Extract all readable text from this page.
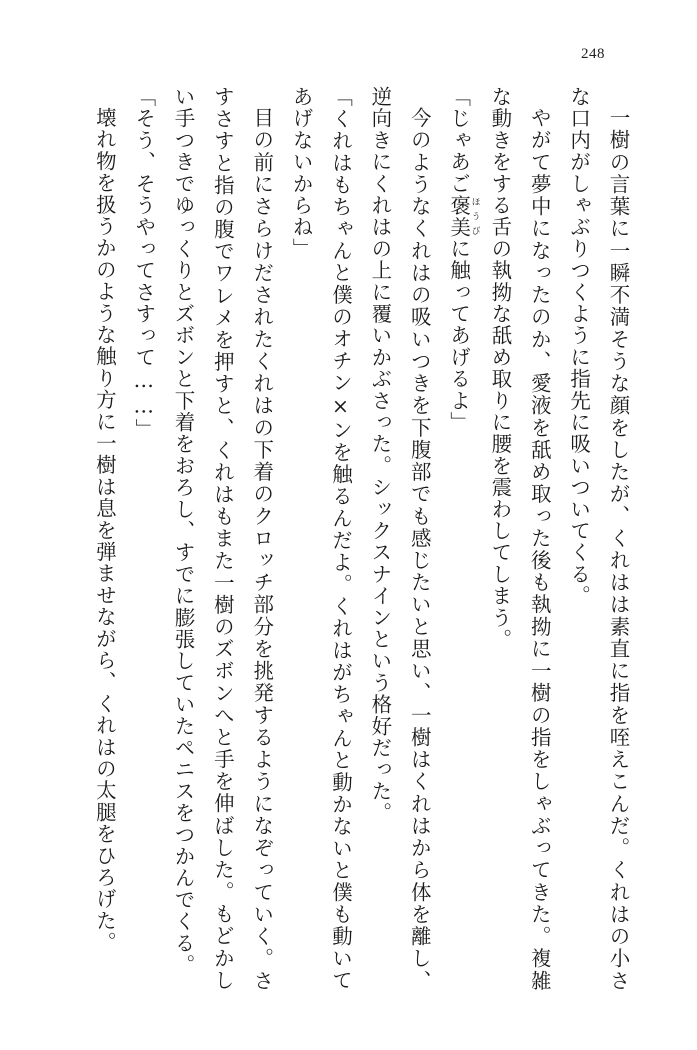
248

一樹の言葉に一瞬不満そうな顔をしたが、くれはは素直に指を咥えこんだ。くれはの小さな口内がしゃぶりつくように指先に吸いついてくる。

やがて夢中になったのか、愛液を舐め取った後も執拗に一樹の指をしゃぶってきた。複雑な動きをする舌の執拗な舐め取りに腰を震わしてしまう。

「じゃあご褒美 ほうびに触ってあげるよ」

今のようなくれはの吸いつきを下腹部でも感じたいと思い、一樹はくれはから体を離し、逆向きにくれはの上に覆いかぶさった。シックスナインという格好だった。

「くれはもちゃんと僕のオチン×ンを触るんだよ。くれはがちゃんと動かないと僕も動いてあげないからね」

目の前にさらけだされたくれはの下着のクロッチ部分を挑発するようになぞっていく。さすさすと指の腹でワレメを押すと、くれはもまた一樹のズボンへと手を伸ばした。もどかしい手つきでゆっくりとズボンと下着をおろし、すでに膨張していたペニスをつかんでくる。

「そう、そうやってさすって……」

壊れ物を扱うかのような触り方に一樹は息を弾ませながら、くれはの太腿をひろげた。
